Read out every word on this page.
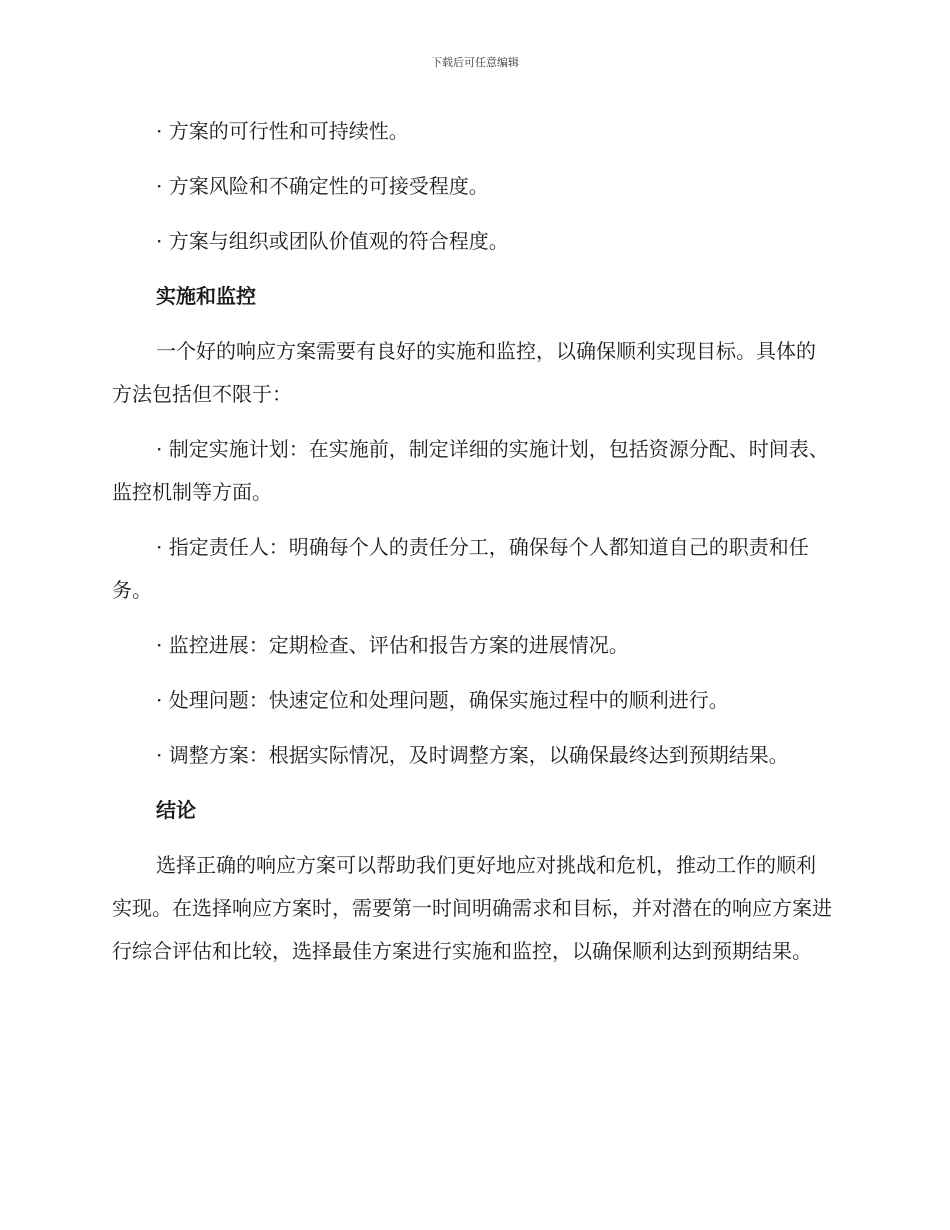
下载后可任意编辑

· 方案的可行性和可持续性。

· 方案风险和不确定性的可接受程度。

· 方案与组织或团队价值观的符合程度。

实施和监控

一个好的响应方案需要有良好的实施和监控，以确保顺利实现目标。具体的方法包括但不限于：

· 制定实施计划：在实施前，制定详细的实施计划，包括资源分配、时间表、监控机制等方面。

· 指定责任人：明确每个人的责任分工，确保每个人都知道自己的职责和任务。

· 监控进展：定期检查、评估和报告方案的进展情况。

· 处理问题：快速定位和处理问题，确保实施过程中的顺利进行。

· 调整方案：根据实际情况，及时调整方案，以确保最终达到预期结果。

结论

选择正确的响应方案可以帮助我们更好地应对挑战和危机，推动工作的顺利实现。在选择响应方案时，需要第一时间明确需求和目标，并对潜在的响应方案进行综合评估和比较，选择最佳方案进行实施和监控，以确保顺利达到预期结果。
